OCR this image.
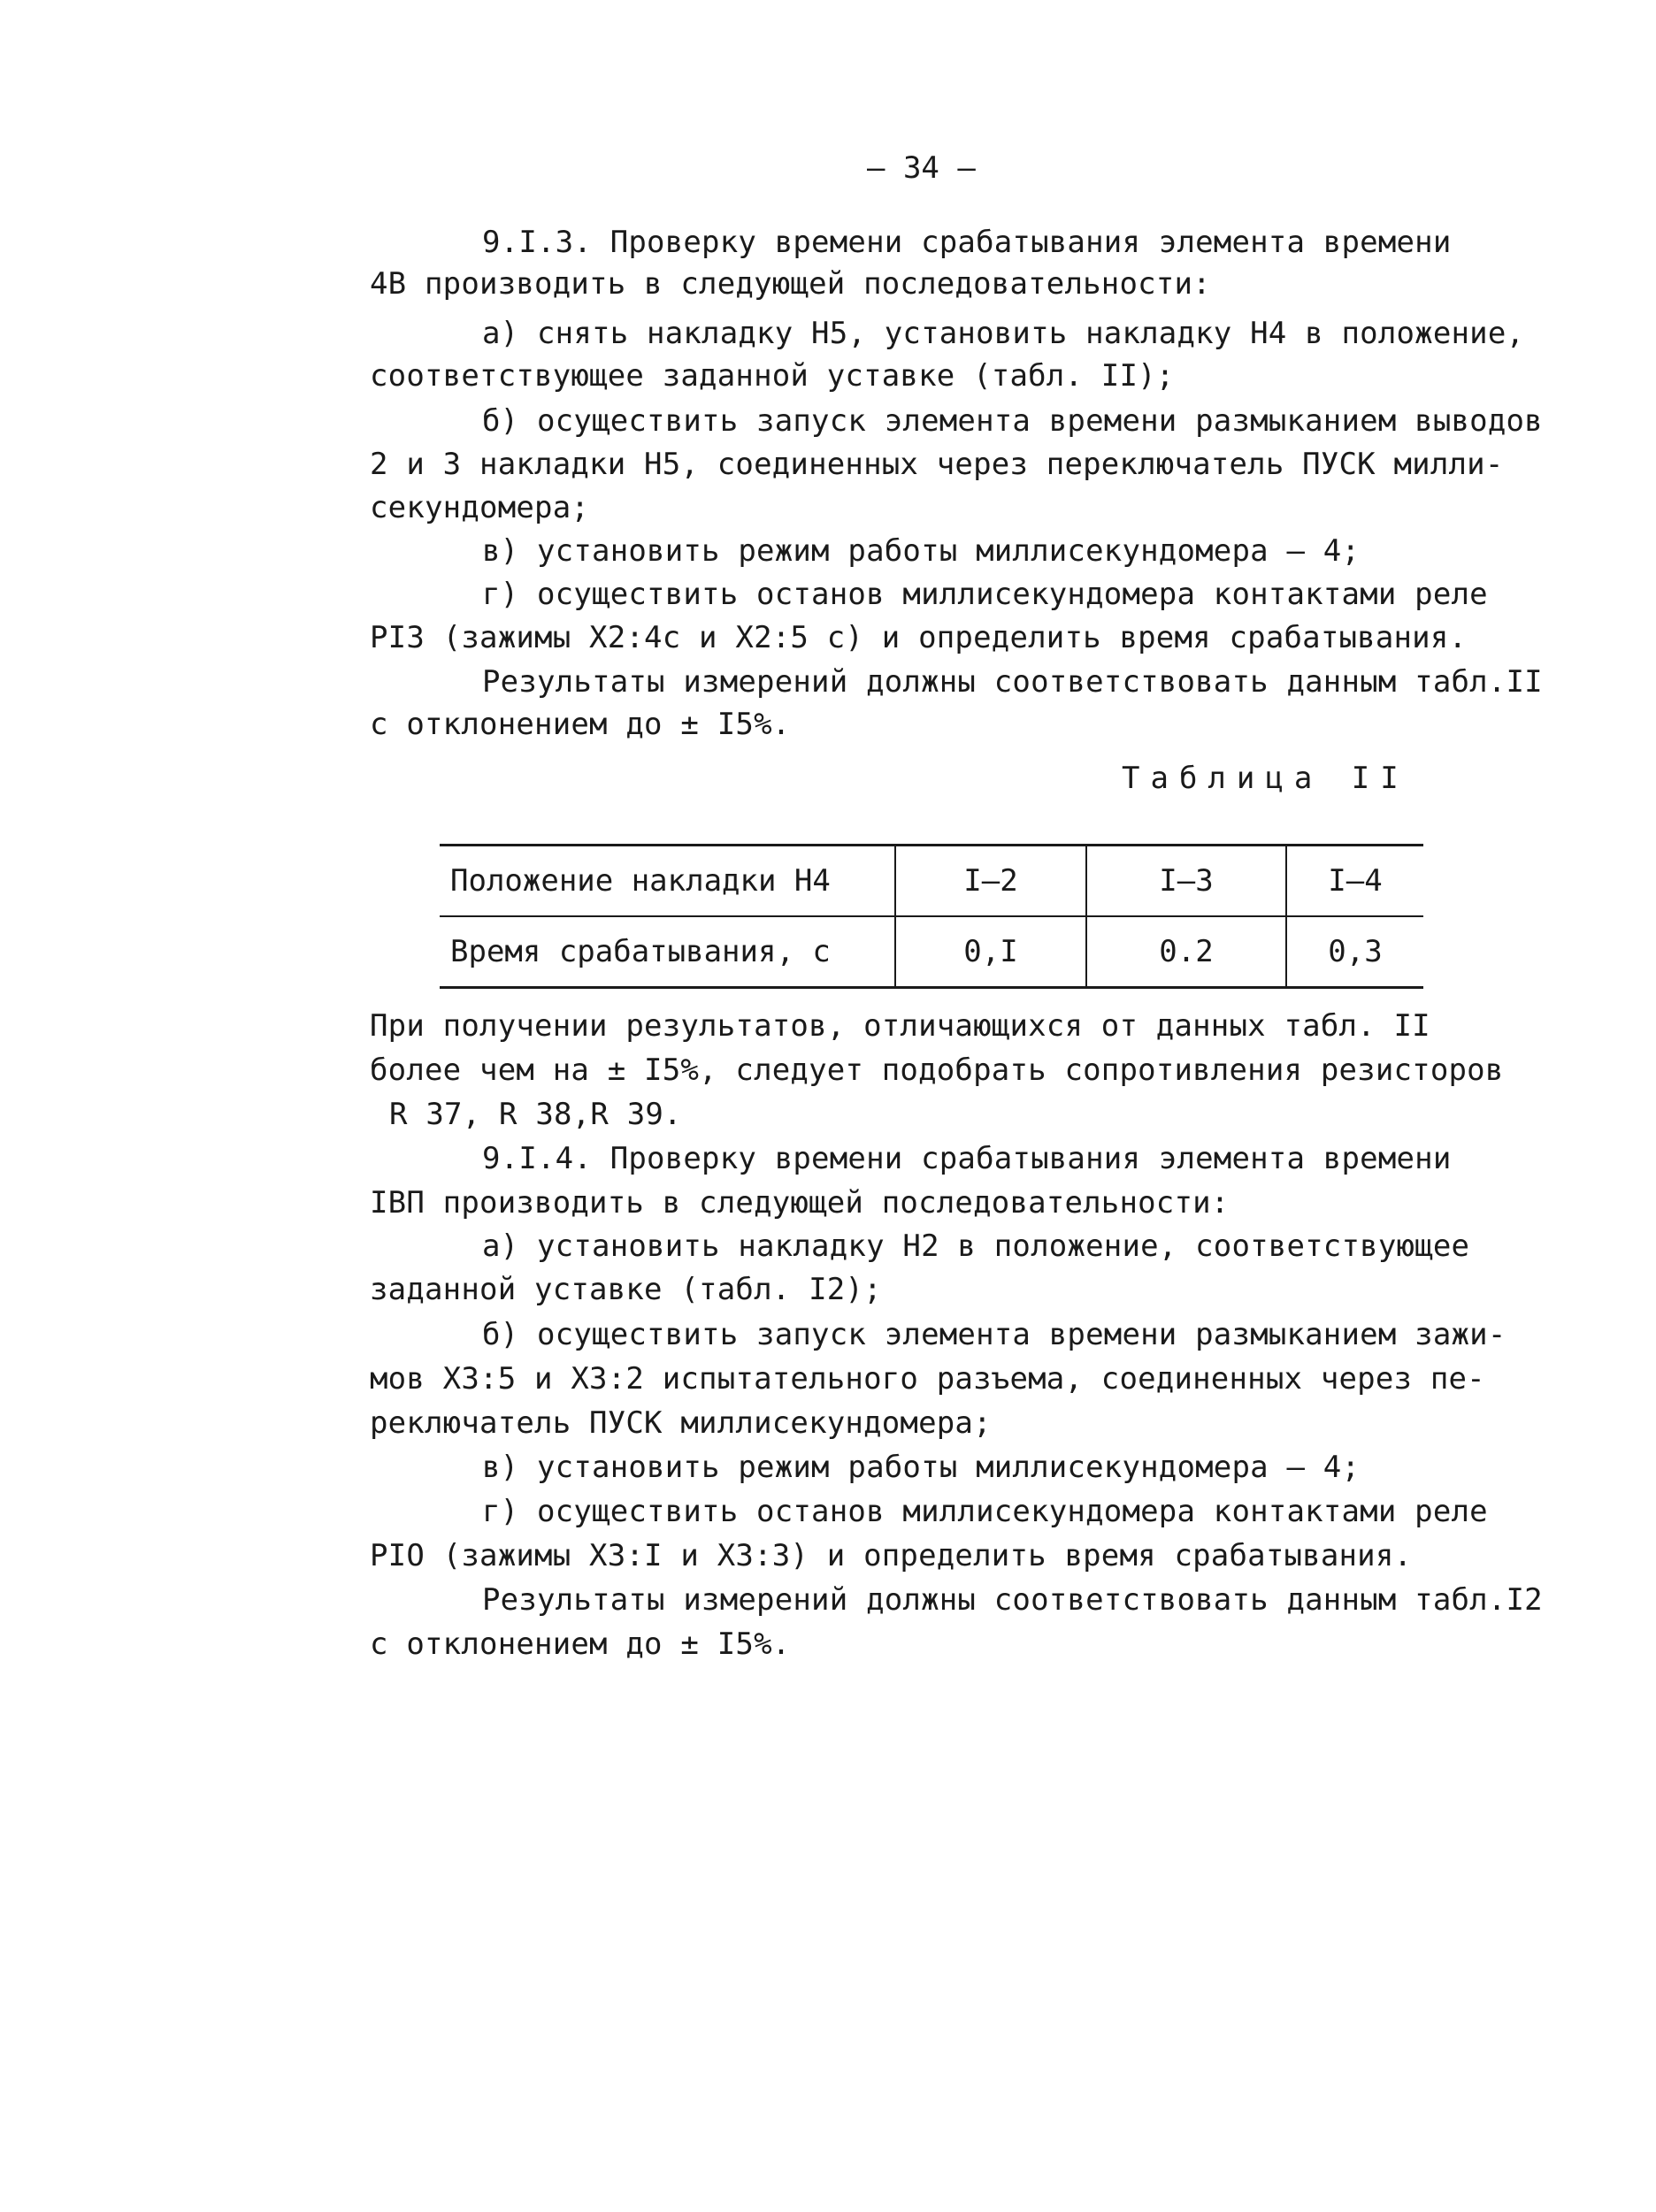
– 34 –
9.I.3. Проверку времени срабатывания элемента времени
4В производить в следующей последовательности:
а) снять накладку Н5, установить накладку Н4 в положение,
соответствующее заданной уставке (табл. II);
б) осуществить запуск элемента времени размыканием выводов
2 и 3 накладки Н5, соединенных через переключатель ПУСК милли-
секундомера;
в) установить режим работы миллисекундомера – 4;
г) осуществить останов миллисекундомера контактами реле
РI3 (зажимы Х2:4с и Х2:5 с) и определить время срабатывания.
Результаты измерений должны соответствовать данным табл.II
с отклонением до ± I5%.
Таблица II
Положение накладки Н4	I–2	I–3	I–4
Время срабатывания, с	0,I	0.2	0,3
При получении результатов, отличающихся от данных табл. II
более чем на ± I5%, следует подобрать сопротивления резисторов
R 37, R 38,R 39.
9.I.4. Проверку времени срабатывания элемента времени
IВП производить в следующей последовательности:
а) установить накладку Н2 в положение, соответствующее
заданной уставке (табл. I2);
б) осуществить запуск элемента времени размыканием зажи-
мов Х3:5 и Х3:2 испытательного разъема, соединенных через пе-
реключатель ПУСК миллисекундомера;
в) установить режим работы миллисекундомера – 4;
г) осуществить останов миллисекундомера контактами реле
РIO (зажимы Х3:I и Х3:3) и определить время срабатывания.
Результаты измерений должны соответствовать данным табл.I2
с отклонением до ± I5%.
